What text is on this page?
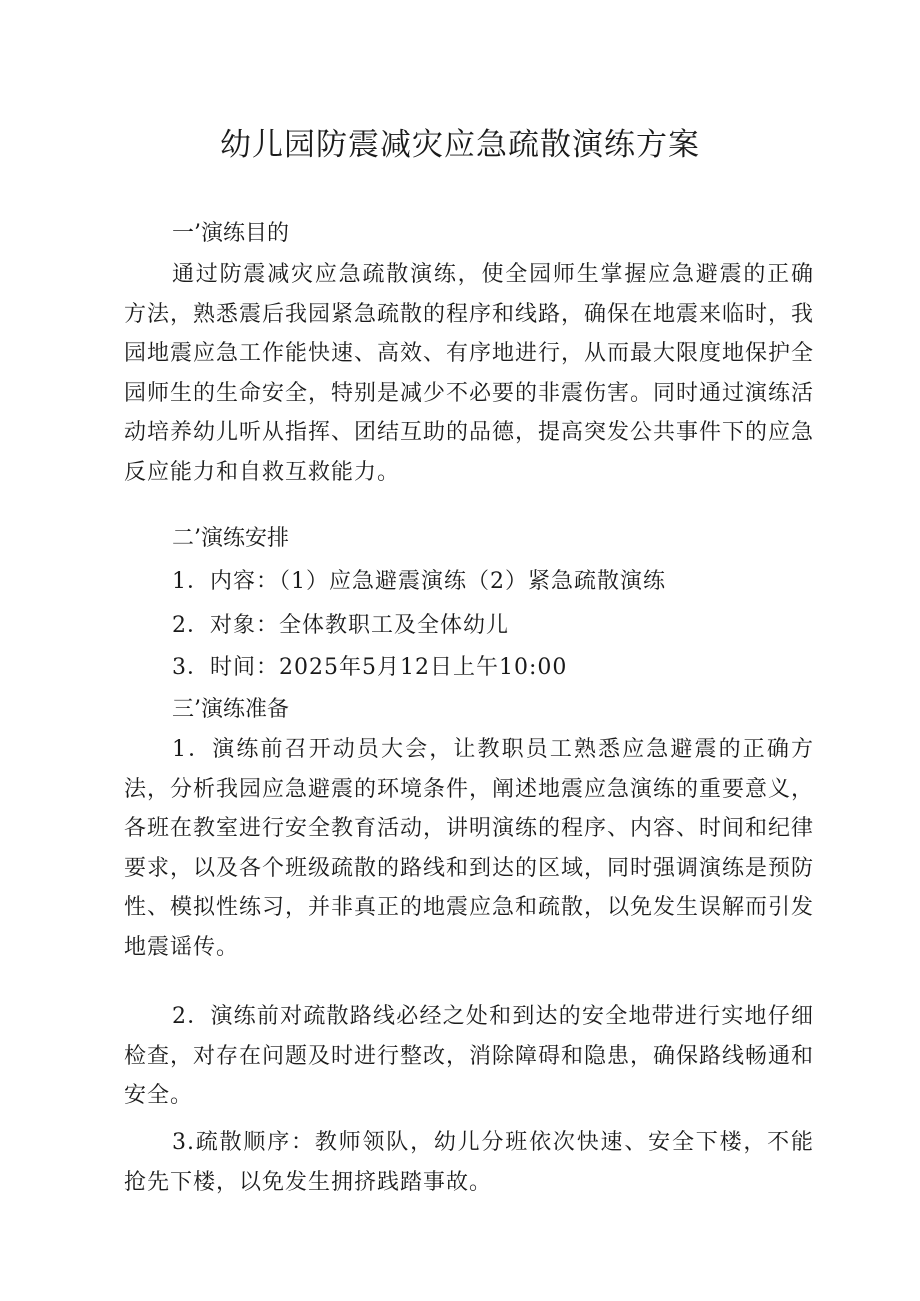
幼儿园防震减灾应急疏散演练方案
一’演练目的
通过防震减灾应急疏散演练，使全园师生掌握应急避震的正确方法，熟悉震后我园紧急疏散的程序和线路，确保在地震来临时，我园地震应急工作能快速、高效、有序地进行，从而最大限度地保护全园师生的生命安全，特别是减少不必要的非震伤害。同时通过演练活动培养幼儿听从指挥、团结互助的品德，提高突发公共事件下的应急反应能力和自救互救能力。
二’演练安排
1．内容：（1）应急避震演练（2）紧急疏散演练
2．对象：全体教职工及全体幼儿
3．时间：2025年5月12日上午10:00
三’演练准备
1．演练前召开动员大会，让教职员工熟悉应急避震的正确方法，分析我园应急避震的环境条件，阐述地震应急演练的重要意义，各班在教室进行安全教育活动，讲明演练的程序、内容、时间和纪律要求，以及各个班级疏散的路线和到达的区域，同时强调演练是预防性、模拟性练习，并非真正的地震应急和疏散，以免发生误解而引发地震谣传。
2．演练前对疏散路线必经之处和到达的安全地带进行实地仔细检查，对存在问题及时进行整改，消除障碍和隐患，确保路线畅通和安全。
3.疏散顺序：教师领队，幼儿分班依次快速、安全下楼，不能抢先下楼，以免发生拥挤践踏事故。
